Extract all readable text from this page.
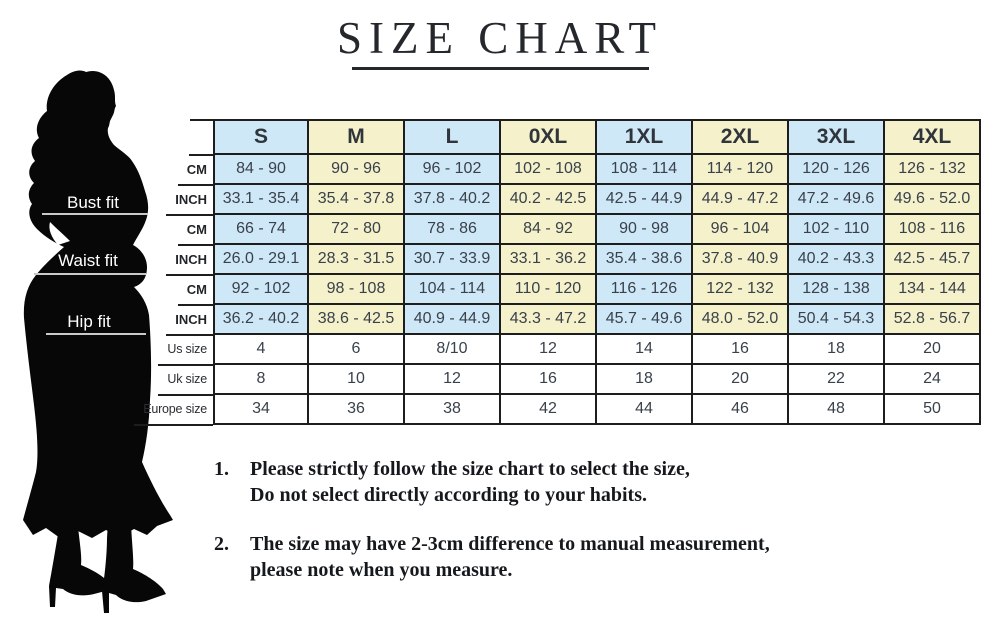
SIZE CHART
Bust fit
Waist fit
Hip fit
S	M	L	0XL	1XL	2XL	3XL	4XL
CM	84 - 90	90 - 96	96 - 102	102 - 108	108 - 114	114 - 120	120 - 126	126 - 132
INCH 33.1 - 35.4	35.4 - 37.8	37.8 - 40.2	40.2 - 42.5	42.5 - 44.9	44.9 - 47.2	47.2 - 49.6	49.6 - 52.0
CM	66 - 74	72 - 80	78 - 86	84 - 92	90 - 98	96 - 104	102 - 110	108 - 116
INCH 26.0 - 29.1	28.3 - 31.5	30.7 - 33.9	33.1 - 36.2	35.4 - 38.6	37.8 - 40.9	40.2 - 43.3	42.5 - 45.7
CM	92 - 102	98 - 108	104 - 114	110 - 120	116 - 126	122 - 132	128 - 138	134 - 144
INCH 36.2 - 40.2	38.6 - 42.5	40.9 - 44.9	43.3 - 47.2	45.7 - 49.6	48.0 - 52.0	50.4 - 54.3	52.8 - 56.7
Us size	4	6	8/10	12	14	16	18	20
Uk size	8	10	12	16	18	20	22	24
Europe size	34	36	38	42	44	46	48	50
1.	Please strictly follow the size chart to select the size,
Do not select directly according to your habits.
2.	The size may have 2-3cm difference to manual measurement,
please note when you measure.
